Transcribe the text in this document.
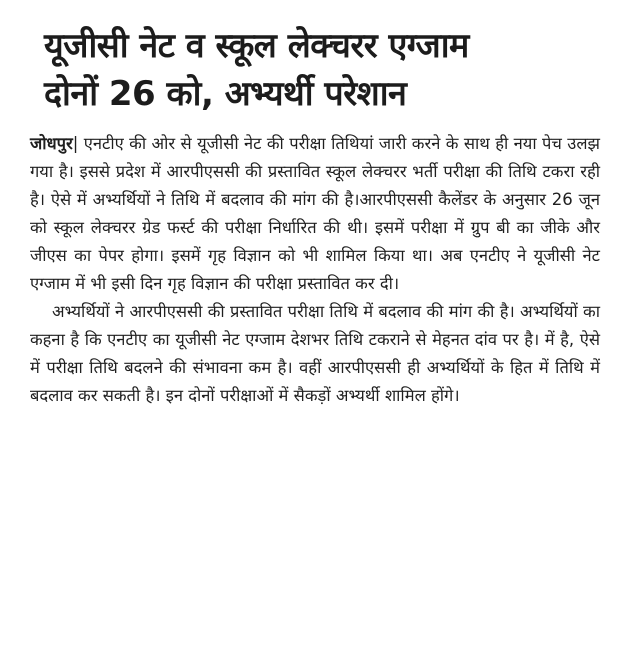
यूजीसी नेट व स्कूल लेक्चरर एग्जाम
दोनों 26 को, अभ्यर्थी परेशान

जोधपुर| एनटीए की ओर से यूजीसी नेट की परीक्षा तिथियां जारी करने के साथ ही नया पेच उलझ गया है। इससे प्रदेश में आरपीएससी की प्रस्तावित स्कूल लेक्चरर भर्ती परीक्षा की तिथि टकरा रही है। ऐसे में अभ्यर्थियों ने तिथि में बदलाव की मांग की है।आरपीएससी कैलेंडर के अनुसार 26 जून को स्कूल लेक्चरर ग्रेड फर्स्ट की परीक्षा निर्धारित की थी। इसमें परीक्षा में ग्रुप बी का जीके और जीएस का पेपर होगा। इसमें गृह विज्ञान को भी शामिल किया था। अब एनटीए ने यूजीसी नेट एग्जाम में भी इसी दिन गृह विज्ञान की परीक्षा प्रस्तावित कर दी।

अभ्यर्थियों ने आरपीएससी की प्रस्तावित परीक्षा तिथि में बदलाव की मांग की है। अभ्यर्थियों का कहना है कि एनटीए का यूजीसी नेट एग्जाम देशभर तिथि टकराने से मेहनत दांव पर है। में है, ऐसे में परीक्षा तिथि बदलने की संभावना कम है। वहीं आरपीएससी ही अभ्यर्थियों के हित में तिथि में बदलाव कर सकती है। इन दोनों परीक्षाओं में सैकड़ों अभ्यर्थी शामिल होंगे।
